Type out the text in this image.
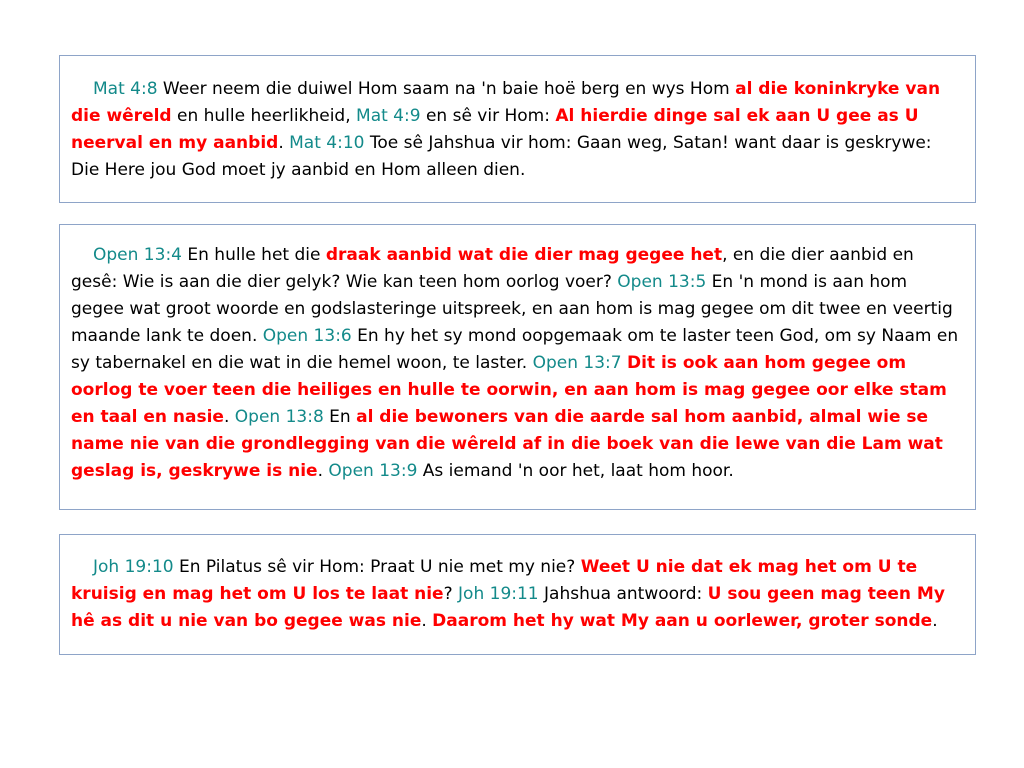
Mat 4:8 Weer neem die duiwel Hom saam na 'n baie hoë berg en wys Hom al die koninkryke van die wêreld en hulle heerlikheid, Mat 4:9 en sê vir Hom: Al hierdie dinge sal ek aan U gee as U neerval en my aanbid. Mat 4:10 Toe sê Jahshua vir hom: Gaan weg, Satan! want daar is geskrywe: Die Here jou God moet jy aanbid en Hom alleen dien.

Open 13:4 En hulle het die draak aanbid wat die dier mag gegee het, en die dier aanbid en gesê: Wie is aan die dier gelyk? Wie kan teen hom oorlog voer? Open 13:5 En 'n mond is aan hom gegee wat groot woorde en godslasteringe uitspreek, en aan hom is mag gegee om dit twee en veertig maande lank te doen. Open 13:6 En hy het sy mond oopgemaak om te laster teen God, om sy Naam en sy tabernakel en die wat in die hemel woon, te laster. Open 13:7 Dit is ook aan hom gegee om oorlog te voer teen die heiliges en hulle te oorwin, en aan hom is mag gegee oor elke stam en taal en nasie. Open 13:8 En al die bewoners van die aarde sal hom aanbid, almal wie se name nie van die grondlegging van die wêreld af in die boek van die lewe van die Lam wat geslag is, geskrywe is nie. Open 13:9 As iemand 'n oor het, laat hom hoor.

Joh 19:10 En Pilatus sê vir Hom: Praat U nie met my nie? Weet U nie dat ek mag het om U te kruisig en mag het om U los te laat nie? Joh 19:11 Jahshua antwoord: U sou geen mag teen My hê as dit u nie van bo gegee was nie. Daarom het hy wat My aan u oorlewer, groter sonde.
